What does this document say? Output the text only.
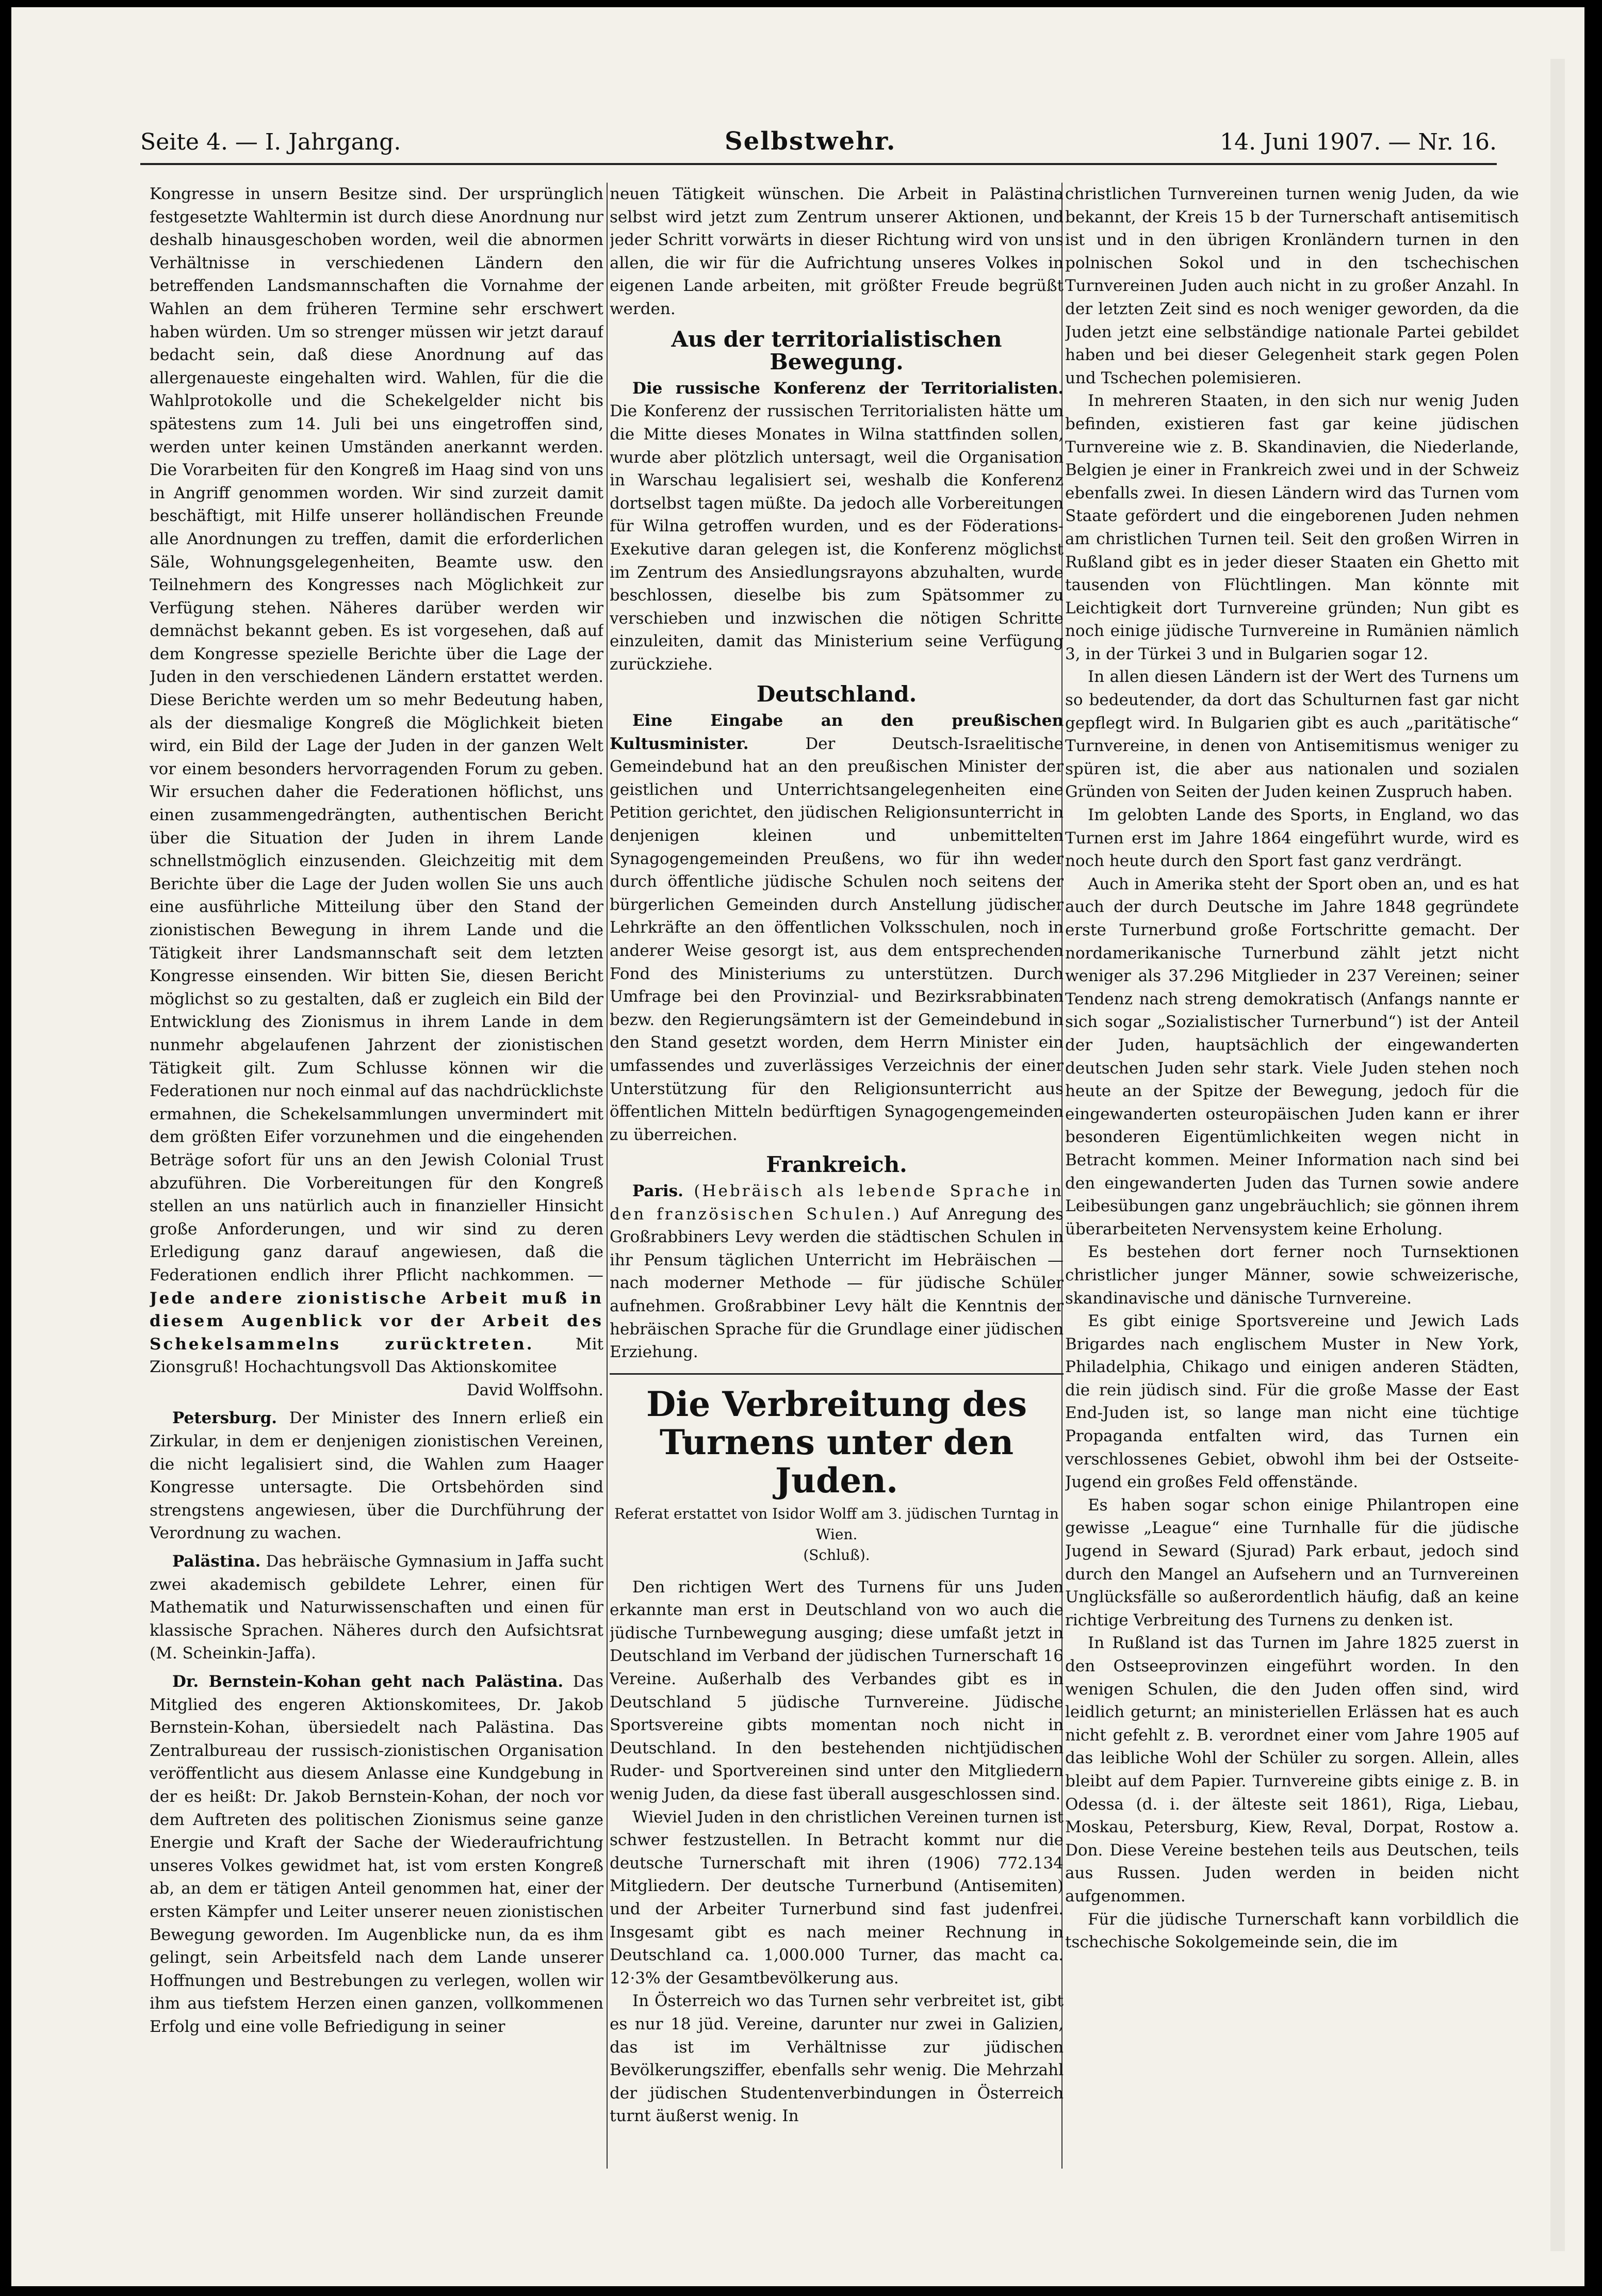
Seite 4. — I. Jahrgang.	Selbstwehr.	14. Juni 1907. — Nr. 16.

Kongresse in unsern Besitze sind. Der ursprünglich festgesetzte Wahltermin ist durch diese Anordnung nur deshalb hinausgeschoben worden, weil die abnormen Verhältnisse in verschiedenen Ländern den betreffenden Landsmannschaften die Vornahme der Wahlen an dem früheren Termine sehr erschwert haben würden. Um so strenger müssen wir jetzt darauf bedacht sein, daß diese Anordnung auf das allergenaueste eingehalten wird. Wahlen, für die die Wahlprotokolle und die Schekelgelder nicht bis spätestens zum 14. Juli bei uns eingetroffen sind, werden unter keinen Umständen anerkannt werden. Die Vorarbeiten für den Kongreß im Haag sind von uns in Angriff genommen worden. Wir sind zurzeit damit beschäftigt, mit Hilfe unserer holländischen Freunde alle Anordnungen zu treffen, damit die erforderlichen Säle, Wohnungsgelegenheiten, Beamte usw. den Teilnehmern des Kongresses nach Möglichkeit zur Verfügung stehen. Näheres darüber werden wir demnächst bekannt geben. Es ist vorgesehen, daß auf dem Kongresse spezielle Berichte über die Lage der Juden in den verschiedenen Ländern erstattet werden. Diese Berichte werden um so mehr Bedeutung haben, als der diesmalige Kongreß die Möglichkeit bieten wird, ein Bild der Lage der Juden in der ganzen Welt vor einem besonders hervorragenden Forum zu geben. Wir ersuchen daher die Federationen höflichst, uns einen zusammengedrängten, authentischen Bericht über die Situation der Juden in ihrem Lande schnellstmöglich einzusenden. Gleichzeitig mit dem Berichte über die Lage der Juden wollen Sie uns auch eine ausführliche Mitteilung über den Stand der zionistischen Bewegung in ihrem Lande und die Tätigkeit ihrer Landsmannschaft seit dem letzten Kongresse einsenden. Wir bitten Sie, diesen Bericht möglichst so zu gestalten, daß er zugleich ein Bild der Entwicklung des Zionismus in ihrem Lande in dem nunmehr abgelaufenen Jahrzent der zionistischen Tätigkeit gilt. Zum Schlusse können wir die Federationen nur noch einmal auf das nachdrücklichste ermahnen, die Schekelsammlungen unvermindert mit dem größten Eifer vorzunehmen und die eingehenden Beträge sofort für uns an den Jewish Colonial Trust abzuführen. Die Vorbereitungen für den Kongreß stellen an uns natürlich auch in finanzieller Hinsicht große Anforderungen, und wir sind zu deren Erledigung ganz darauf angewiesen, daß die Federationen endlich ihrer Pflicht nachkommen. — Jede andere zionistische Arbeit muß in diesem Augenblick vor der Arbeit des Schekelsammelns zurücktreten.	Mit Zionsgruß! Hochachtungsvoll Das Aktionskomitee

David Wolffsohn.

Petersburg. Der Minister des Innern erließ ein Zirkular, in dem er denjenigen zionistischen Vereinen, die nicht legalisiert sind, die Wahlen zum Haager Kongresse untersagte. Die Ortsbehörden sind strengstens angewiesen, über die Durchführung der Verordnung zu wachen.

Palästina. Das hebräische Gymnasium in Jaffa sucht zwei akademisch gebildete Lehrer, einen für Mathematik und Naturwissenschaften und einen für klassische Sprachen. Näheres durch den Aufsichtsrat (M. Scheinkin-Jaffa).

Dr. Bernstein-Kohan geht nach Palästina. Das Mitglied des engeren Aktionskomitees, Dr. Jakob Bernstein-Kohan, übersiedelt nach Palästina. Das Zentralbureau der russisch-zionistischen Organisation veröffentlicht aus diesem Anlasse eine Kundgebung in der es heißt: Dr. Jakob Bernstein-Kohan, der noch vor dem Auftreten des politischen Zionismus seine ganze Energie und Kraft der Sache der Wiederaufrichtung unseres Volkes gewidmet hat, ist vom ersten Kongreß ab, an dem er tätigen Anteil genommen hat, einer der ersten Kämpfer und Leiter unserer neuen zionistischen Bewegung geworden. Im Augenblicke nun, da es ihm gelingt, sein Arbeitsfeld nach dem Lande unserer Hoffnungen und Bestrebungen zu verlegen, wollen wir ihm aus tiefstem Herzen einen ganzen, vollkommenen Erfolg und eine volle Befriedigung in seiner

neuen Tätigkeit wünschen. Die Arbeit in Palästina selbst wird jetzt zum Zentrum unserer Aktionen, und jeder Schritt vorwärts in dieser Richtung wird von uns allen, die wir für die Aufrichtung unseres Volkes in eigenen Lande arbeiten, mit größter Freude begrüßt werden.

Aus der territorialistischen Bewegung.

Die russische Konferenz der Territorialisten. Die Konferenz der russischen Territorialisten hätte um die Mitte dieses Monates in Wilna stattfinden sollen, wurde aber plötzlich untersagt, weil die Organisation in Warschau legalisiert sei, weshalb die Konferenz dortselbst tagen müßte. Da jedoch alle Vorbereitungen für Wilna getroffen wurden, und es der Föderations-Exekutive daran gelegen ist, die Konferenz möglichst im Zentrum des Ansiedlungsrayons abzuhalten, wurde beschlossen, dieselbe bis zum Spätsommer zu verschieben und inzwischen die nötigen Schritte einzuleiten, damit das Ministerium seine Verfügung zurückziehe.

Deutschland.

Eine Eingabe an den preußischen Kultusminister.	Der Deutsch-Israelitische Gemeindebund hat an den preußischen Minister der geistlichen und Unterrichtsangelegenheiten eine Petition gerichtet, den jüdischen Religionsunterricht in denjenigen kleinen und unbemittelten Synagogengemeinden Preußens, wo für ihn weder durch öffentliche jüdische Schulen noch seitens der bürgerlichen Gemeinden durch Anstellung jüdischer Lehrkräfte an den öffentlichen Volksschulen, noch in anderer Weise gesorgt ist, aus dem entsprechenden Fond des Ministeriums zu unterstützen. Durch Umfrage bei den Provinzial- und Bezirksrabbinaten bezw. den Regierungsämtern ist der Gemeindebund in den Stand gesetzt worden, dem Herrn Minister ein umfassendes und zuverlässiges Verzeichnis der einer Unterstützung für den Religionsunterricht aus öffentlichen Mitteln bedürftigen Synagogengemeinden zu überreichen.

Frankreich.

Paris. (Hebräisch als lebende Sprache in den französischen Schulen.) Auf Anregung des Großrabbiners Levy werden die städtischen Schulen in ihr Pensum täglichen Unterricht im Hebräischen — nach moderner Methode — für jüdische Schüler aufnehmen. Großrabbiner Levy hält die Kenntnis der hebräischen Sprache für die Grundlage einer jüdischen Erziehung.

Die Verbreitung des Turnens unter den Juden.
Referat erstattet von Isidor Wolff am 3. jüdischen Turntag in Wien.
(Schluß).

Den richtigen Wert des Turnens für uns Juden erkannte man erst in Deutschland von wo auch die jüdische Turnbewegung ausging; diese umfaßt jetzt in Deutschland im Verband der jüdischen Turnerschaft 16 Vereine. Außerhalb des Verbandes gibt es in Deutschland 5 jüdische Turnvereine. Jüdische Sportsvereine gibts momentan noch nicht in Deutschland. In den bestehenden nichtjüdischen Ruder- und Sportvereinen sind unter den Mitgliedern wenig Juden, da diese fast überall ausgeschlossen sind.

Wieviel Juden in den christlichen Vereinen turnen ist schwer festzustellen. In Betracht kommt nur die deutsche Turnerschaft mit ihren (1906) 772.134 Mitgliedern. Der deutsche Turnerbund (Antisemiten) und der Arbeiter Turnerbund sind fast judenfrei. Insgesamt gibt es nach meiner Rechnung in Deutschland ca. 1,000.000 Turner, das macht ca. 12·3% der Gesamtbevölkerung aus.

In Österreich wo das Turnen sehr verbreitet ist, gibt es nur 18 jüd. Vereine, darunter nur zwei in Galizien, das ist im Verhältnisse zur jüdischen Bevölkerungsziffer, ebenfalls sehr wenig. Die Mehrzahl der jüdischen Studentenverbindungen in Österreich turnt äußerst wenig. In

christlichen Turnvereinen turnen wenig Juden, da wie bekannt, der Kreis 15 b der Turnerschaft antisemitisch ist und in den übrigen Kronländern turnen in den polnischen Sokol und in den tschechischen Turnvereinen Juden auch nicht in zu großer Anzahl. In der letzten Zeit sind es noch weniger geworden, da die Juden jetzt eine selbständige nationale Partei gebildet haben und bei dieser Gelegenheit stark gegen Polen und Tschechen polemisieren.

In mehreren Staaten, in den sich nur wenig Juden befinden, existieren fast gar keine jüdischen Turnvereine wie z. B. Skandinavien, die Niederlande, Belgien je einer in Frankreich zwei und in der Schweiz ebenfalls zwei. In diesen Ländern wird das Turnen vom Staate gefördert und die eingeborenen Juden nehmen am christlichen Turnen teil. Seit den großen Wirren in Rußland gibt es in jeder dieser Staaten ein Ghetto mit tausenden von Flüchtlingen. Man könnte mit Leichtigkeit dort Turnvereine gründen; Nun gibt es noch einige jüdische Turnvereine in Rumänien nämlich 3, in der Türkei 3 und in Bulgarien sogar 12.

In allen diesen Ländern ist der Wert des Turnens um so bedeutender, da dort das Schulturnen fast gar nicht gepflegt wird. In Bulgarien gibt es auch „paritätische“ Turnvereine, in denen von Antisemitismus weniger zu spüren ist, die aber aus nationalen und sozialen Gründen von Seiten der Juden keinen Zuspruch haben.

Im gelobten Lande des Sports, in England, wo das Turnen erst im Jahre 1864 eingeführt wurde, wird es noch heute durch den Sport fast ganz verdrängt.

Auch in Amerika steht der Sport oben an, und es hat auch der durch Deutsche im Jahre 1848 gegründete erste Turnerbund große Fortschritte gemacht. Der nordamerikanische Turnerbund zählt jetzt nicht weniger als 37.296 Mitglieder in 237 Vereinen; seiner Tendenz nach streng demokratisch (Anfangs nannte er sich sogar „Sozialistischer Turnerbund“) ist der Anteil der Juden, hauptsächlich der eingewanderten deutschen Juden sehr stark. Viele Juden stehen noch heute an der Spitze der Bewegung, jedoch für die eingewanderten osteuropäischen Juden kann er ihrer besonderen Eigentümlichkeiten wegen nicht in Betracht kommen. Meiner Information nach sind bei den eingewanderten Juden das Turnen sowie andere Leibesübungen ganz ungebräuchlich; sie gönnen ihrem überarbeiteten Nervensystem keine Erholung.

Es bestehen dort ferner noch Turnsektionen christlicher junger Männer, sowie schweizerische, skandinavische und dänische Turnvereine.

Es gibt einige Sportsvereine und Jewich Lads Brigardes nach englischem Muster in New York, Philadelphia, Chikago und einigen anderen Städten, die rein jüdisch sind. Für die große Masse der East End-Juden ist, so lange man nicht eine tüchtige Propaganda entfalten wird, das Turnen ein verschlossenes Gebiet, obwohl ihm bei der Ostseite-Jugend ein großes Feld offenstände.

Es haben sogar schon einige Philantropen eine gewisse „League“ eine Turnhalle für die jüdische Jugend in Seward (Sjurad) Park erbaut, jedoch sind durch den Mangel an Aufsehern und an Turnvereinen Unglücksfälle so außerordentlich häufig, daß an keine richtige Verbreitung des Turnens zu denken ist.

In Rußland ist das Turnen im Jahre 1825 zuerst in den Ostseeprovinzen eingeführt worden. In den wenigen Schulen, die den Juden offen sind, wird leidlich geturnt; an ministeriellen Erlässen hat es auch nicht gefehlt z. B. verordnet einer vom Jahre 1905 auf das leibliche Wohl der Schüler zu sorgen. Allein, alles bleibt auf dem Papier. Turnvereine gibts einige z. B. in Odessa (d. i. der älteste seit 1861), Riga, Liebau, Moskau, Petersburg, Kiew, Reval, Dorpat, Rostow a. Don. Diese Vereine bestehen teils aus Deutschen, teils aus Russen. Juden werden in beiden nicht aufgenommen.

Für die jüdische Turnerschaft kann vorbildlich die tschechische Sokolgemeinde sein, die im
